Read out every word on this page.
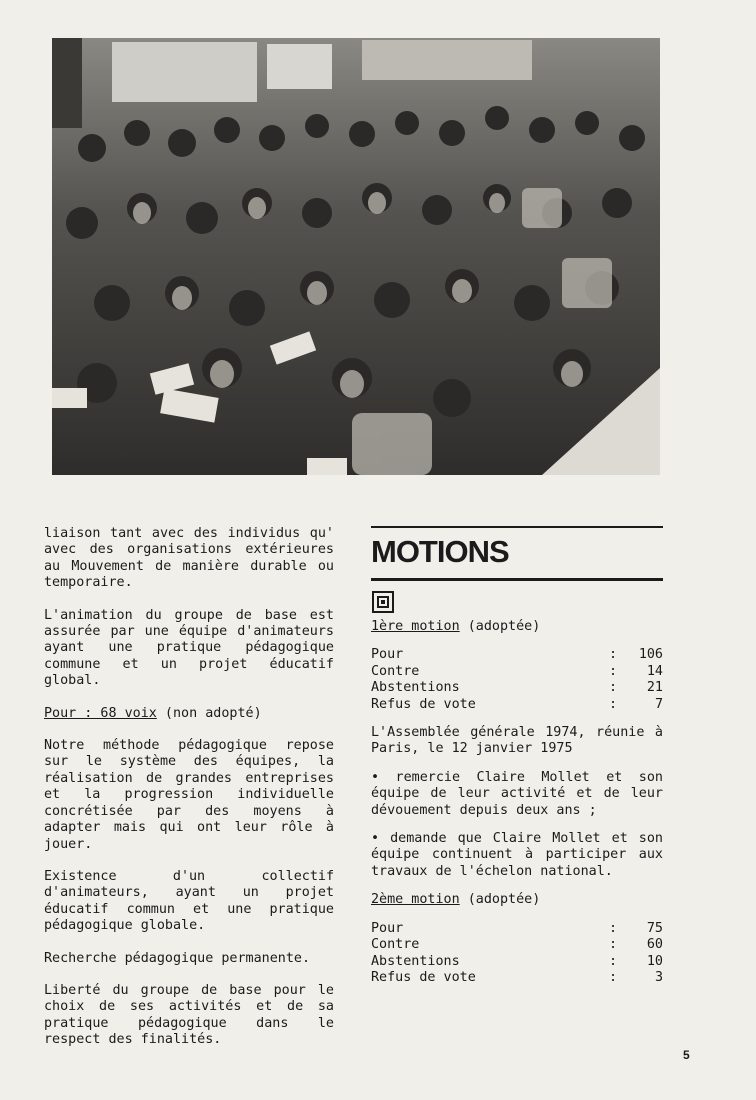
liaison tant avec des individus qu' avec des organisations extérieures au Mouvement de manière durable ou temporaire.

L'animation du groupe de base est assurée par une équipe d'animateurs ayant une pratique pédagogique commune et un projet éducatif global.

Pour : 68 voix (non adopté)

Notre méthode pédagogique repose sur le système des équipes, la réalisation de grandes entreprises et la progression individuelle concrétisée par des moyens à adapter mais qui ont leur rôle à jouer.

Existence d'un collectif d'animateurs, ayant un projet éducatif commun et une pratique pédagogique globale.

Recherche pédagogique permanente.

Liberté du groupe de base pour le choix de ses activités et de sa pratique pédagogique dans le respect des finalités.

MOTIONS

1ère motion (adoptée)

Pour	:	106
Contre	:	14
Abstentions	:	21
Refus de vote	:	7

L'Assemblée générale 1974, réunie à Paris, le 12 janvier 1975

• remercie Claire Mollet et son équipe de leur activité et de leur dévouement depuis deux ans ;

• demande que Claire Mollet et son équipe continuent à participer aux travaux de l'échelon national.

2ème motion (adoptée)

Pour	:	75
Contre	:	60
Abstentions	:	10
Refus de vote	:	3
5
